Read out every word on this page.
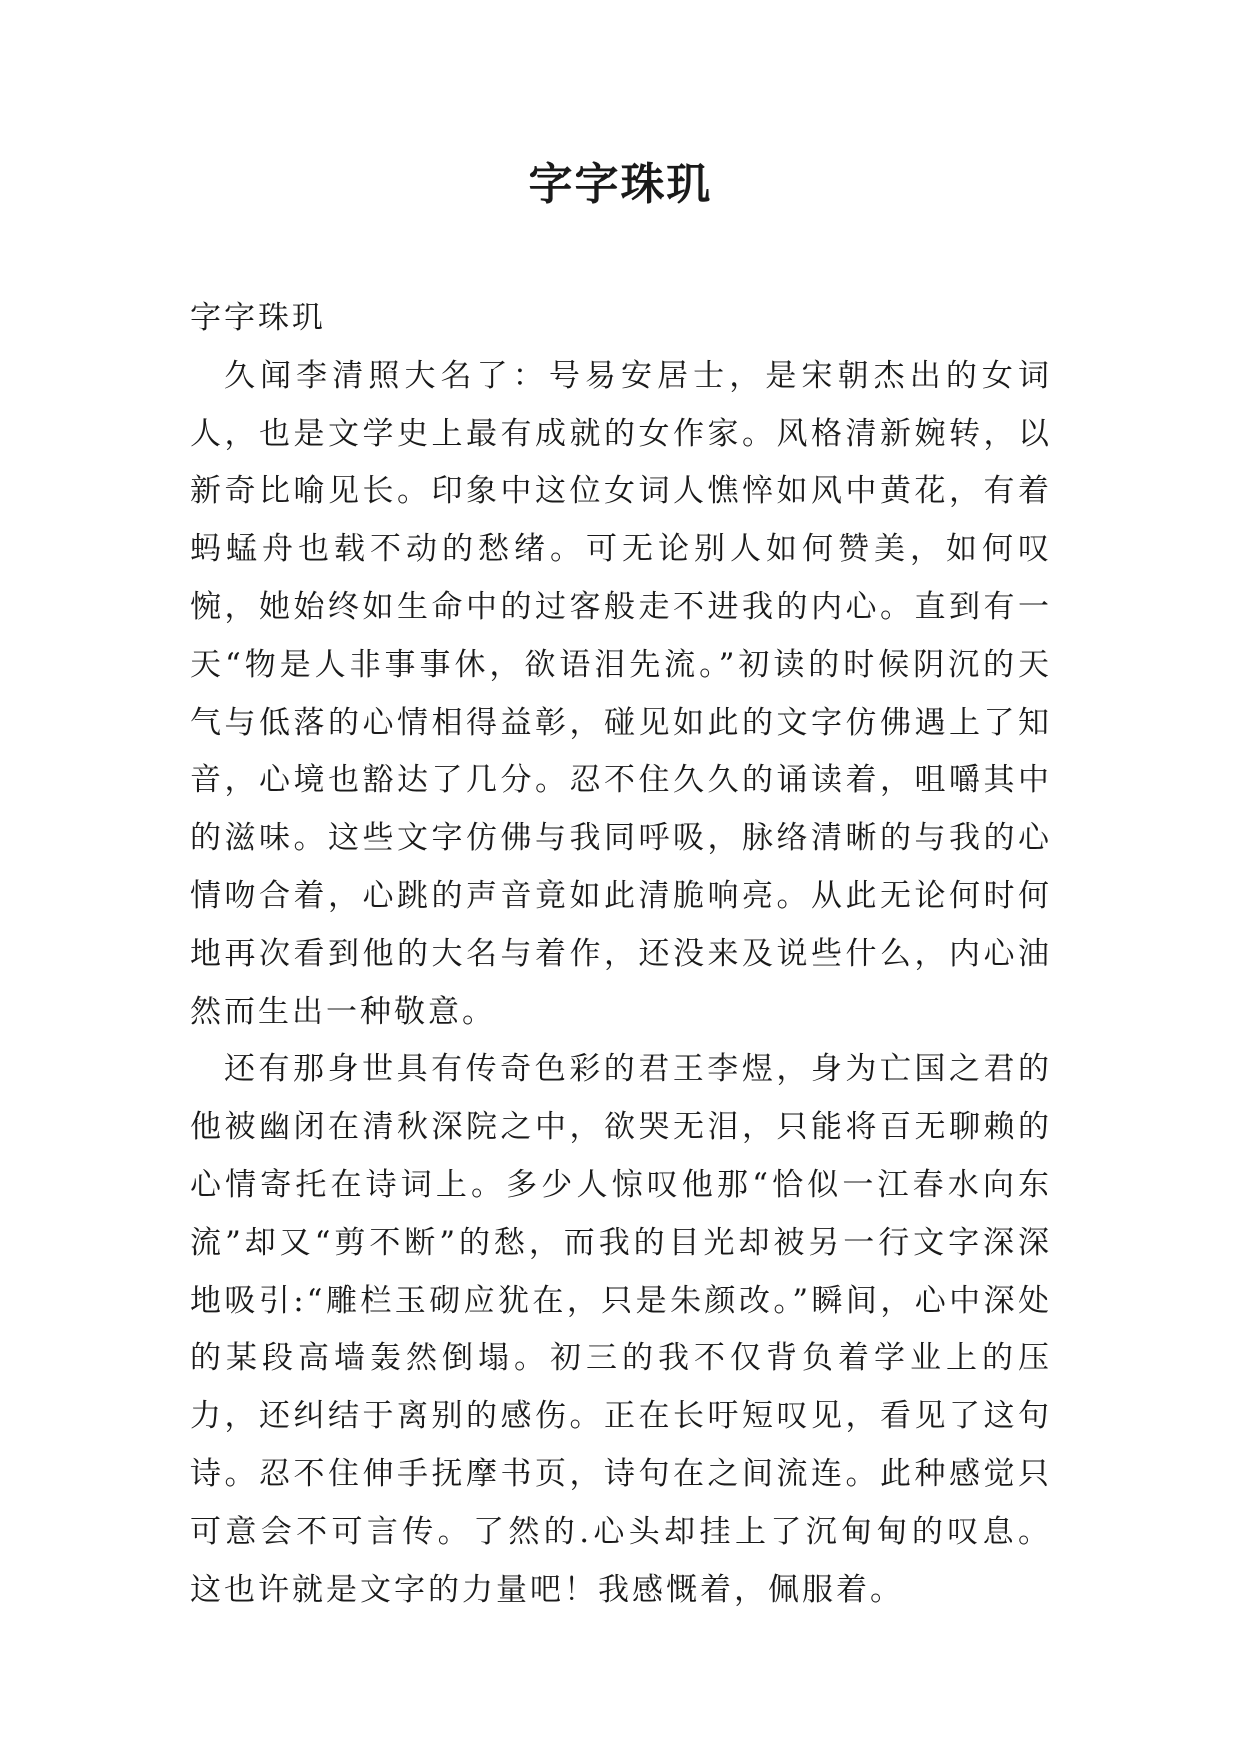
字字珠玑

字字珠玑

久闻李清照大名了：号易安居士，是宋朝杰出的女词人，也是文学史上最有成就的女作家。风格清新婉转，以新奇比喻见长。印象中这位女词人憔悴如风中黄花，有着蚂蜢舟也载不动的愁绪。可无论别人如何赞美，如何叹惋，她始终如生命中的过客般走不进我的内心。直到有一天“物是人非事事休，欲语泪先流。”初读的时候阴沉的天气与低落的心情相得益彰，碰见如此的文字仿佛遇上了知音，心境也豁达了几分。忍不住久久的诵读着，咀嚼其中的滋味。这些文字仿佛与我同呼吸，脉络清晰的与我的心情吻合着，心跳的声音竟如此清脆响亮。从此无论何时何地再次看到他的大名与着作，还没来及说些什么，内心油然而生出一种敬意。

还有那身世具有传奇色彩的君王李煜，身为亡国之君的他被幽闭在清秋深院之中，欲哭无泪，只能将百无聊赖的心情寄托在诗词上。多少人惊叹他那“恰似一江春水向东流”却又“剪不断”的愁，而我的目光却被另一行文字深深地吸引:“雕栏玉砌应犹在，只是朱颜改。”瞬间，心中深处的某段高墙轰然倒塌。初三的我不仅背负着学业上的压力，还纠结于离别的感伤。正在长吁短叹见，看见了这句诗。忍不住伸手抚摩书页，诗句在之间流连。此种感觉只可意会不可言传。了然的.心头却挂上了沉甸甸的叹息。这也许就是文字的力量吧！我感慨着，佩服着。
